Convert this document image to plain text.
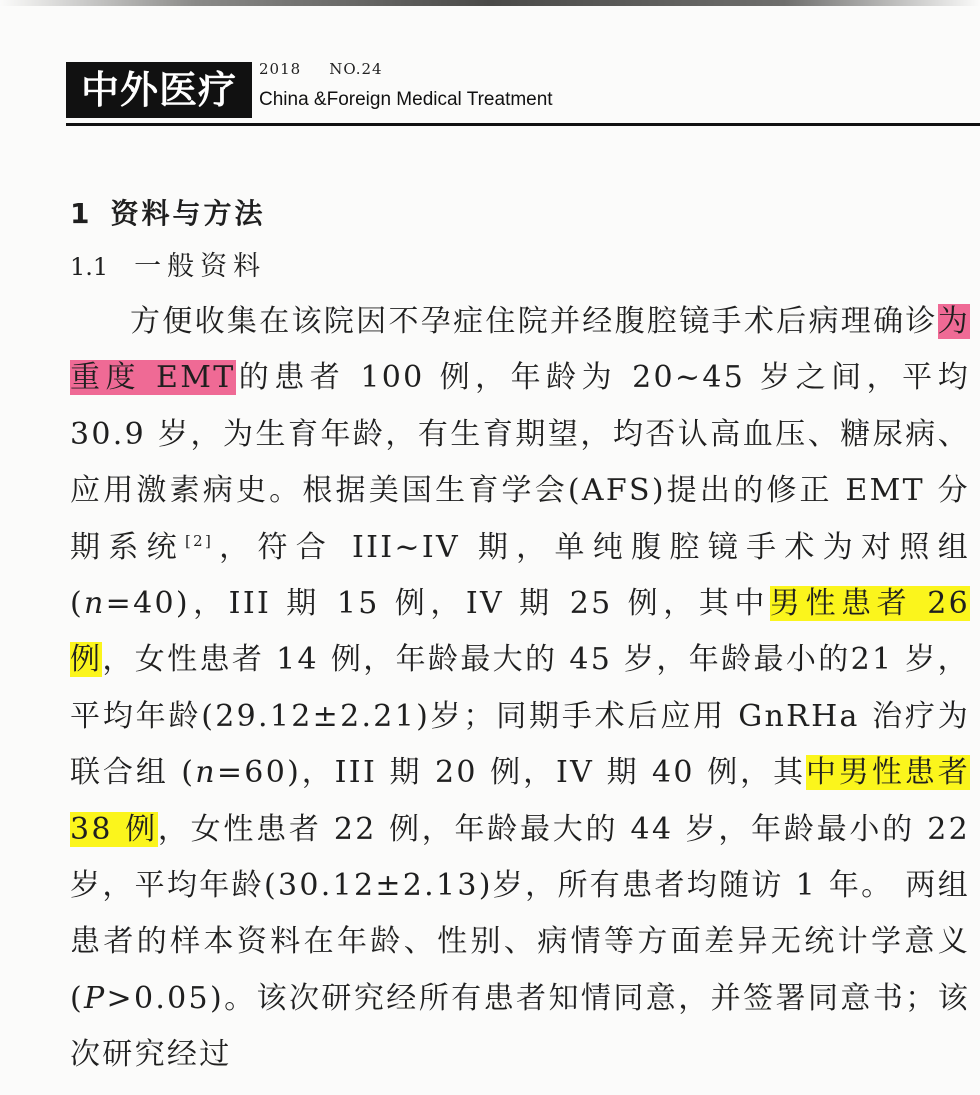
中外医疗	2018 NO.24
China &Foreign Medical Treatment
1 资料与方法
1.1 一般资料
方便收集在该院因不孕症住院并经腹腔镜手术后病理确诊为重度 EMT的患者 100 例，年龄为 20~45 岁之间，平均 30.9 岁，为生育年龄，有生育期望，均否认高血压、糖尿病、应用激素病史。根据美国生育学会(AFS)提出的修正 EMT 分期系统[2]，符合 III~IV 期，单纯腹腔镜手术为对照组(n=40)，III 期 15 例，IV 期 25 例，其中男性患者 26 例，女性患者 14 例，年龄最大的 45 岁，年龄最小的21 岁，平均年龄(29.12±2.21)岁；同期手术后应用 GnRHa 治疗为联合组 (n=60)，III 期 20 例，IV 期 40 例，其中男性患者 38 例，女性患者 22 例，年龄最大的 44 岁，年龄最小的 22 岁，平均年龄(30.12±2.13)岁，所有患者均随访 1 年。 两组患者的样本资料在年龄、性别、病情等方面差异无统计学意义(P>0.05)。该次研究经所有患者知情同意，并签署同意书；该次研究经过
